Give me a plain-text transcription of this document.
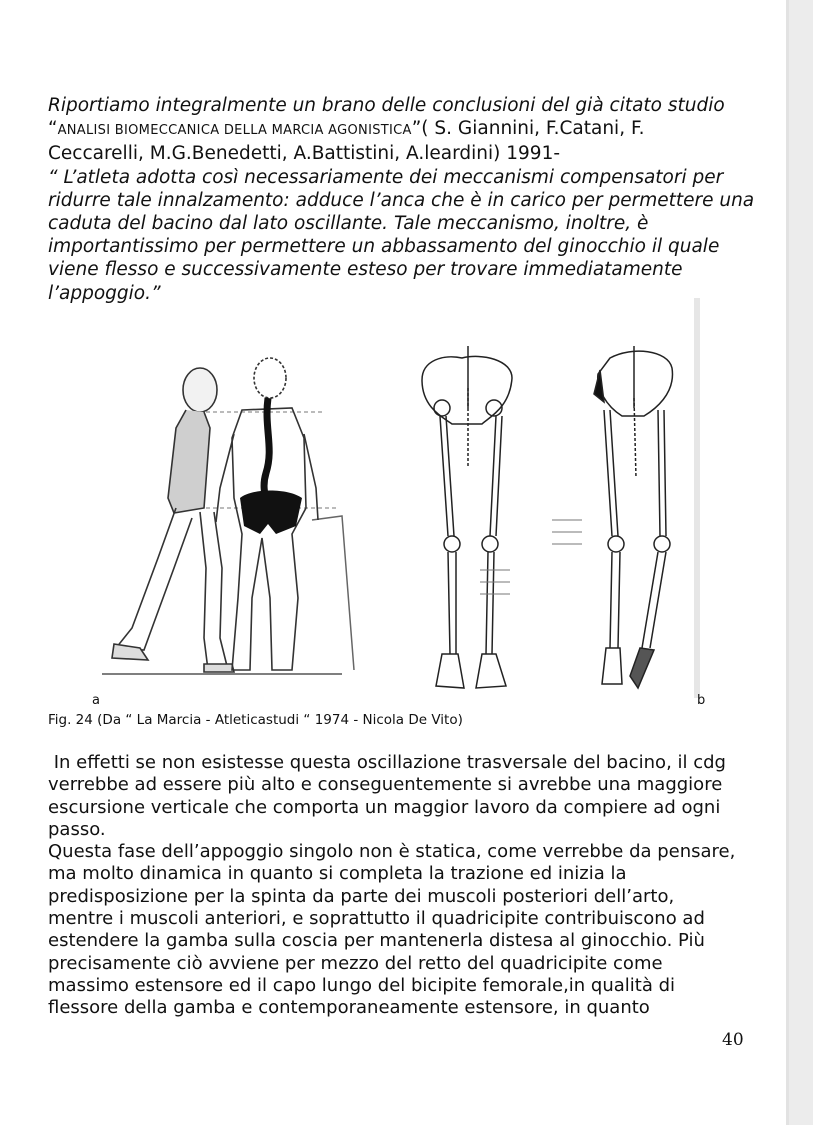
Riportiamo integralmente un brano delle conclusioni del già citato studio
“ANALISI BIOMECCANICA DELLA MARCIA AGONISTICA”( S. Giannini, F.Catani, F.
Ceccarelli, M.G.Benedetti, A.Battistini, A.leardini) 1991-
“ L’atleta adotta così necessariamente dei meccanismi compensatori per
ridurre tale innalzamento: adduce l’anca che è in carico per permettere una
caduta del bacino dal lato oscillante. Tale meccanismo, inoltre, è
importantissimo per permettere un abbassamento del ginocchio il quale
viene flesso e successivamente esteso per trovare immediatamente
l’appoggio.”
a	b
Fig. 24 (Da “ La Marcia - Atleticastudi “ 1974 - Nicola De Vito)

In effetti se non esistesse questa oscillazione trasversale del bacino, il cdg
verrebbe ad essere più alto e conseguentemente si avrebbe una maggiore
escursione verticale che comporta un maggior lavoro da compiere ad ogni
passo.

Questa fase dell’appoggio singolo non è statica, come verrebbe da pensare,
ma molto dinamica in quanto si completa la trazione ed inizia la
predisposizione per la spinta da parte dei muscoli posteriori dell’arto,
mentre i muscoli anteriori, e soprattutto il quadricipite contribuiscono ad
estendere la gamba sulla coscia per mantenerla distesa al ginocchio. Più
precisamente ciò avviene per mezzo del retto del quadricipite come
massimo estensore ed il capo lungo del bicipite femorale,in qualità di
flessore della gamba e contemporaneamente estensore, in quanto

40
